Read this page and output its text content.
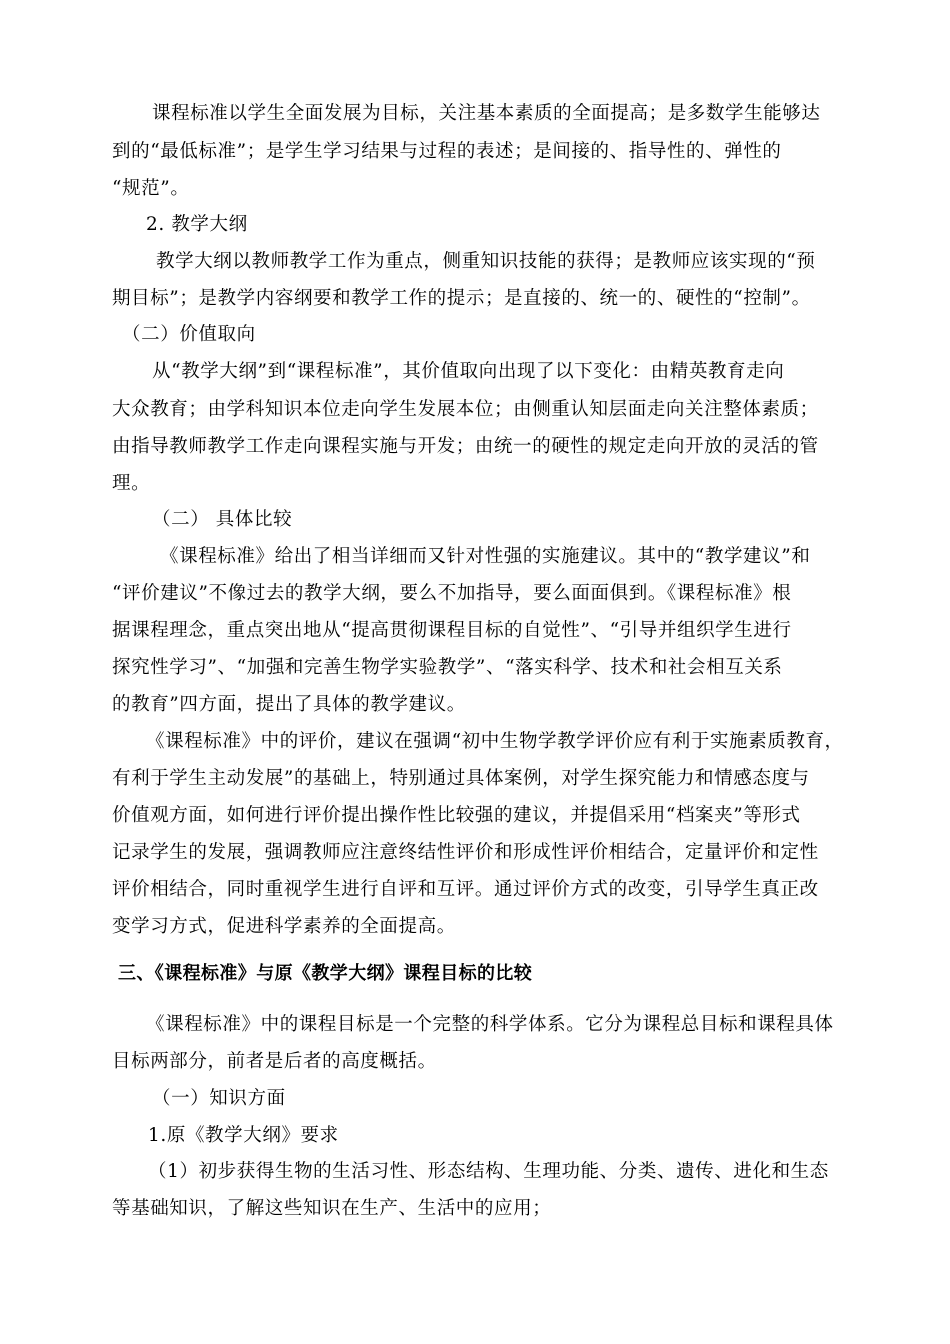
课程标准以学生全面发展为目标，关注基本素质的全面提高；是多数学生能够达
到的“最低标准”；是学生学习结果与过程的表述；是间接的、指导性的、弹性的
“规范”。
2. 教学大纲
教学大纲以教师教学工作为重点，侧重知识技能的获得；是教师应该实现的“预
期目标”；是教学内容纲要和教学工作的提示；是直接的、统一的、硬性的“控制”。
（二）价值取向
从“教学大纲”到“课程标准”，其价值取向出现了以下变化：由精英教育走向
大众教育；由学科知识本位走向学生发展本位；由侧重认知层面走向关注整体素质；
由指导教师教学工作走向课程实施与开发；由统一的硬性的规定走向开放的灵活的管
理。
（二） 具体比较
《课程标准》给出了相当详细而又针对性强的实施建议。其中的“教学建议”和
“评价建议”不像过去的教学大纲，要么不加指导，要么面面俱到。《课程标准》根
据课程理念，重点突出地从“提高贯彻课程目标的自觉性”、“引导并组织学生进行
探究性学习”、“加强和完善生物学实验教学”、“落实科学、技术和社会相互关系
的教育”四方面，提出了具体的教学建议。
《课程标准》中的评价，建议在强调“初中生物学教学评价应有利于实施素质教育，
有利于学生主动发展”的基础上，特别通过具体案例，对学生探究能力和情感态度与
价值观方面，如何进行评价提出操作性比较强的建议，并提倡采用“档案夹”等形式
记录学生的发展，强调教师应注意终结性评价和形成性评价相结合，定量评价和定性
评价相结合，同时重视学生进行自评和互评。通过评价方式的改变，引导学生真正改
变学习方式，促进科学素养的全面提高。
三、《课程标准》与原《教学大纲》课程目标的比较
《课程标准》中的课程目标是一个完整的科学体系。它分为课程总目标和课程具体
目标两部分，前者是后者的高度概括。
（一）知识方面
1.原《教学大纲》要求
（1）初步获得生物的生活习性、形态结构、生理功能、分类、遗传、进化和生态
等基础知识，了解这些知识在生产、生活中的应用；
